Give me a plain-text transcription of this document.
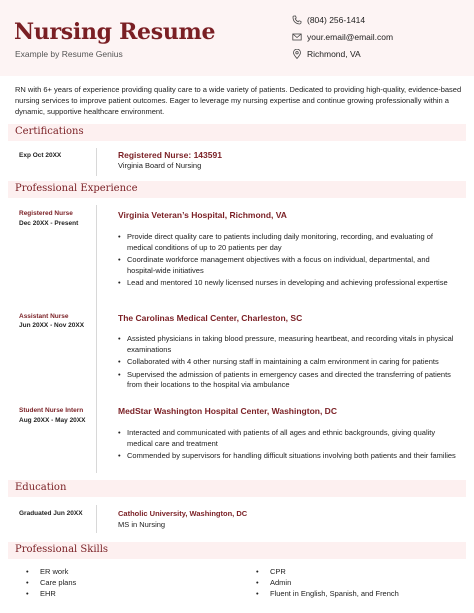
Nursing Resume
Example by Resume Genius
(804) 256-1414
your.email@email.com
Richmond, VA
RN with 6+ years of experience providing quality care to a wide variety of patients. Dedicated to providing high-quality, evidence-based nursing services to improve patient outcomes. Eager to leverage my nursing expertise and continue growing professionally within a dynamic, supportive healthcare environment.
Certifications
Exp Oct 20XX	Registered Nurse: 143591
Virginia Board of Nursing
Professional Experience
Registered Nurse
Dec 20XX - Present
Virginia Veteran’s Hospital, Richmond, VA
• Provide direct quality care to patients including daily monitoring, recording, and evaluating of medical conditions of up to 20 patients per day
• Coordinate workforce management objectives with a focus on individual, departmental, and hospital-wide initiatives
• Lead and mentored 10 newly licensed nurses in developing and achieving professional expertise
Assistant Nurse
Jun 20XX - Nov 20XX
The Carolinas Medical Center, Charleston, SC
• Assisted physicians in taking blood pressure, measuring heartbeat, and recording vitals in physical examinations
• Collaborated with 4 other nursing staff in maintaining a calm environment in caring for patients
• Supervised the admission of patients in emergency cases and directed the transferring of patients from their locations to the hospital via ambulance
Student Nurse Intern
Aug 20XX - May 20XX
MedStar Washington Hospital Center, Washington, DC
• Interacted and communicated with patients of all ages and ethnic backgrounds, giving quality medical care and treatment
• Commended by supervisors for handling difficult situations involving both patients and their families
Education
Graduated Jun 20XX	Catholic University, Washington, DC
MS in Nursing
Professional Skills
• ER work
• Care plans
• EHR
• CPR
• Admin
• Fluent in English, Spanish, and French
